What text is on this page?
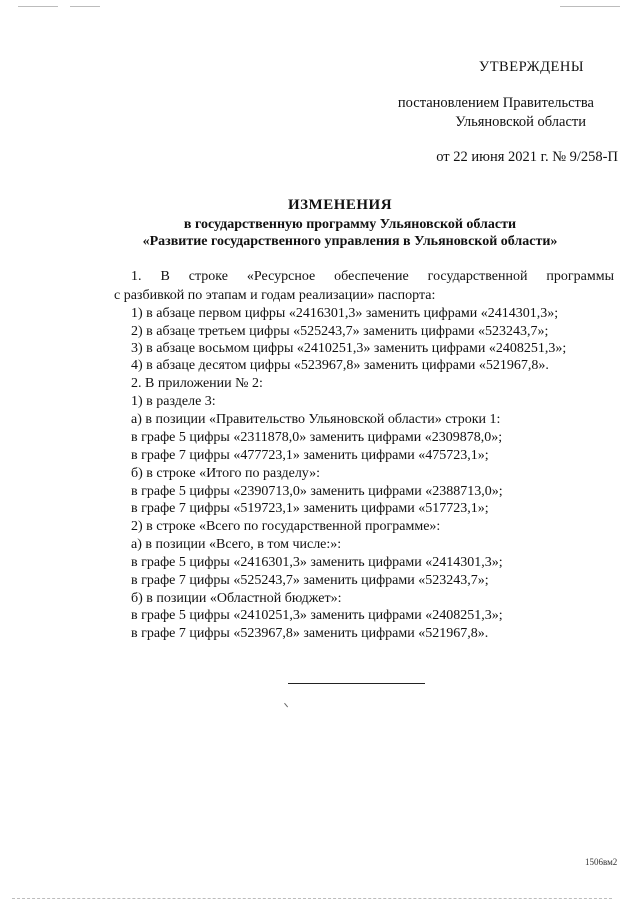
УТВЕРЖДЕНЫ
постановлением Правительства
Ульяновской области
от 22 июня 2021 г. № 9/258-П
ИЗМЕНЕНИЯ
в государственную программу Ульяновской области
«Развитие государственного управления в Ульяновской области»
1. В строке «Ресурсное обеспечение государственной программы
с разбивкой по этапам и годам реализации» паспорта:
1) в абзаце первом цифры «2416301,3» заменить цифрами «2414301,3»;
2) в абзаце третьем цифры «525243,7» заменить цифрами «523243,7»;
3) в абзаце восьмом цифры «2410251,3» заменить цифрами «2408251,3»;
4) в абзаце десятом цифры «523967,8» заменить цифрами «521967,8».
2. В приложении № 2:
1) в разделе 3:
а) в позиции «Правительство Ульяновской области» строки 1:
в графе 5 цифры «2311878,0» заменить цифрами «2309878,0»;
в графе 7 цифры «477723,1» заменить цифрами «475723,1»;
б) в строке «Итого по разделу»:
в графе 5 цифры «2390713,0» заменить цифрами «2388713,0»;
в графе 7 цифры «519723,1» заменить цифрами «517723,1»;
2) в строке «Всего по государственной программе»:
а) в позиции «Всего, в том числе:»:
в графе 5 цифры «2416301,3» заменить цифрами «2414301,3»;
в графе 7 цифры «525243,7» заменить цифрами «523243,7»;
б) в позиции «Областной бюджет»:
в графе 5 цифры «2410251,3» заменить цифрами «2408251,3»;
в графе 7 цифры «523967,8» заменить цифрами «521967,8».
1506вм2
